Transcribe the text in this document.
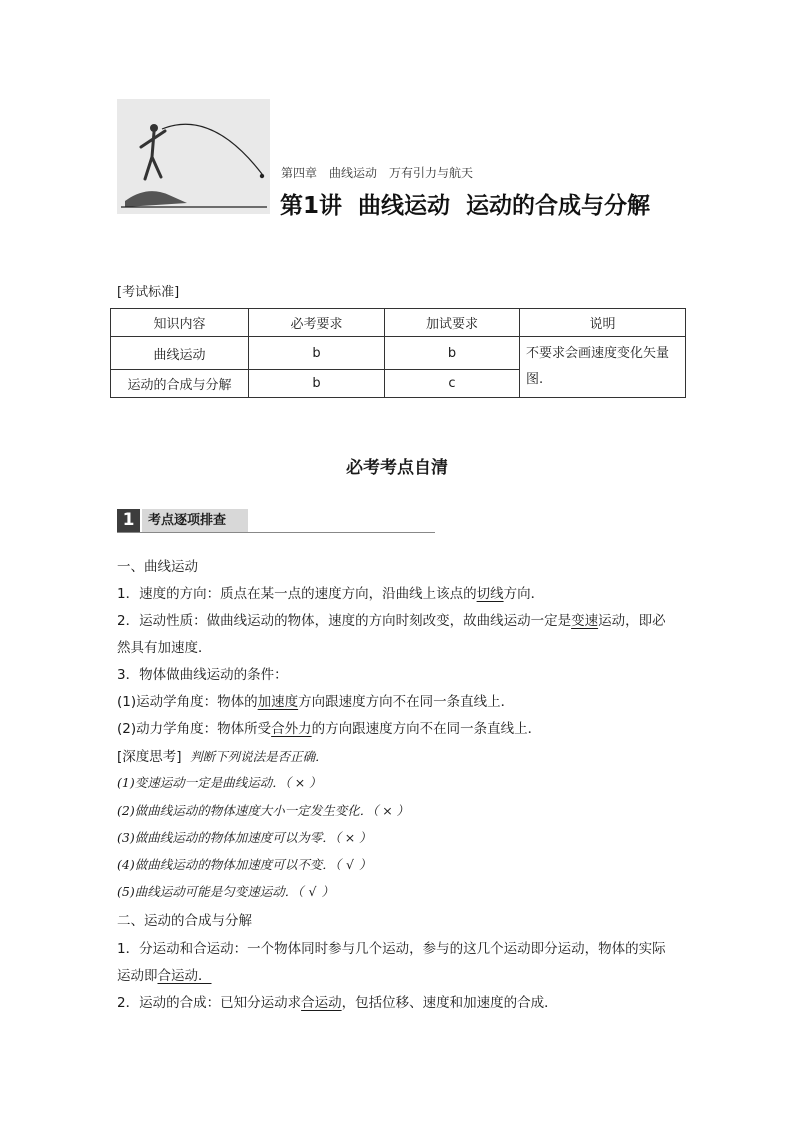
第四章 曲线运动 万有引力与航天
第1讲 曲线运动 运动的合成与分解
[考试标准]
知识内容	必考要求	加试要求	说明
曲线运动	b	b	不要求会画速度变化矢量图.
运动的合成与分解	b	c	
必考考点自清
1	考点逐项排查
一、曲线运动
1．速度的方向：质点在某一点的速度方向，沿曲线上该点的切线方向．
2．运动性质：做曲线运动的物体，速度的方向时刻改变，故曲线运动一定是变速运动，即必
然具有加速度．
3．物体做曲线运动的条件：
(1)运动学角度：物体的加速度方向跟速度方向不在同一条直线上．
(2)动力学角度：物体所受合外力的方向跟速度方向不在同一条直线上．
[深度思考] 判断下列说法是否正确．
(1)变速运动一定是曲线运动．（ × ）
(2)做曲线运动的物体速度大小一定发生变化．（ × ）
(3)做曲线运动的物体加速度可以为零．（ × ）
(4)做曲线运动的物体加速度可以不变．（ √ ）
(5)曲线运动可能是匀变速运动．（ √ ）
二、运动的合成与分解
1．分运动和合运动：一个物体同时参与几个运动，参与的这几个运动即分运动，物体的实际
运动即合运动．
2．运动的合成：已知分运动求合运动，包括位移、速度和加速度的合成．
